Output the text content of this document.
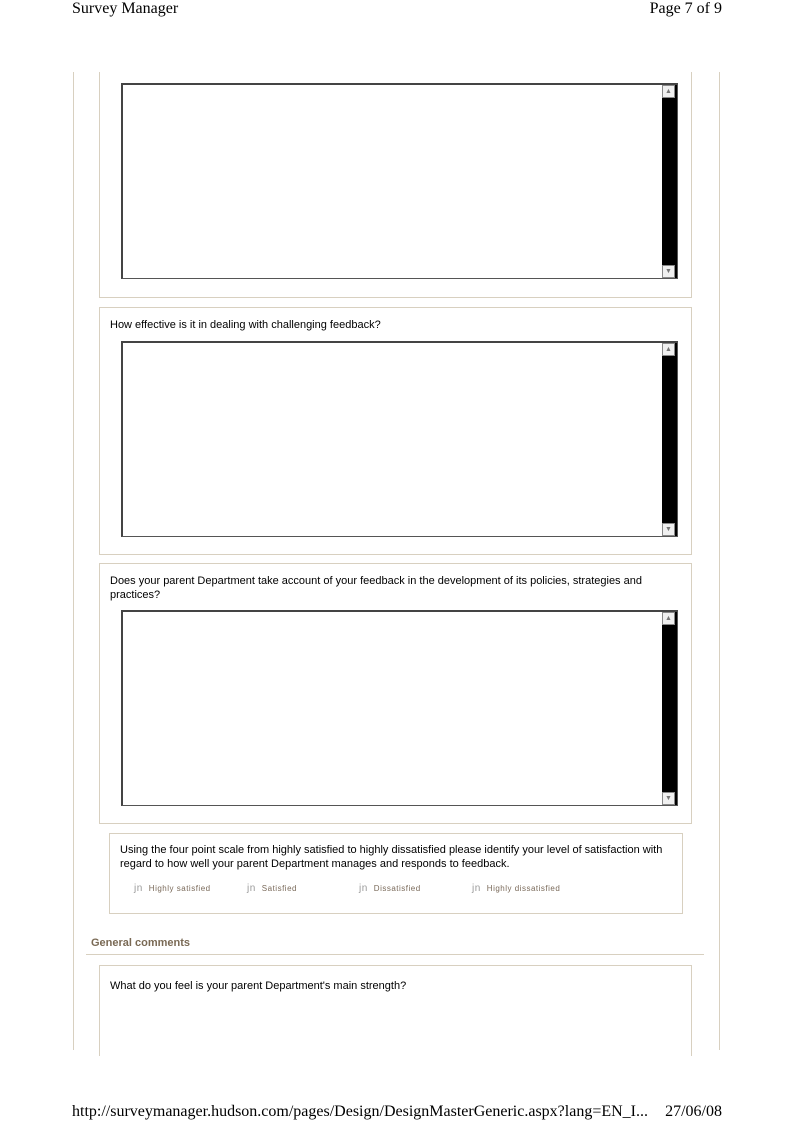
Survey Manager	Page 7 of 9
▲
▼
How effective is it in dealing with challenging feedback?
▲
▼
Does your parent Department take account of your feedback in the development of its policies, strategies and practices?
▲
▼
Using the four point scale from highly satisfied to highly dissatisfied please identify your level of satisfaction with regard to how well your parent Department manages and responds to feedback.
jn Highly satisfied	jn Satisfied	jn Dissatisfied	jn Highly dissatisfied
General comments
What do you feel is your parent Department's main strength?
http://surveymanager.hudson.com/pages/Design/DesignMasterGeneric.aspx?lang=EN_I... 27/06/08
